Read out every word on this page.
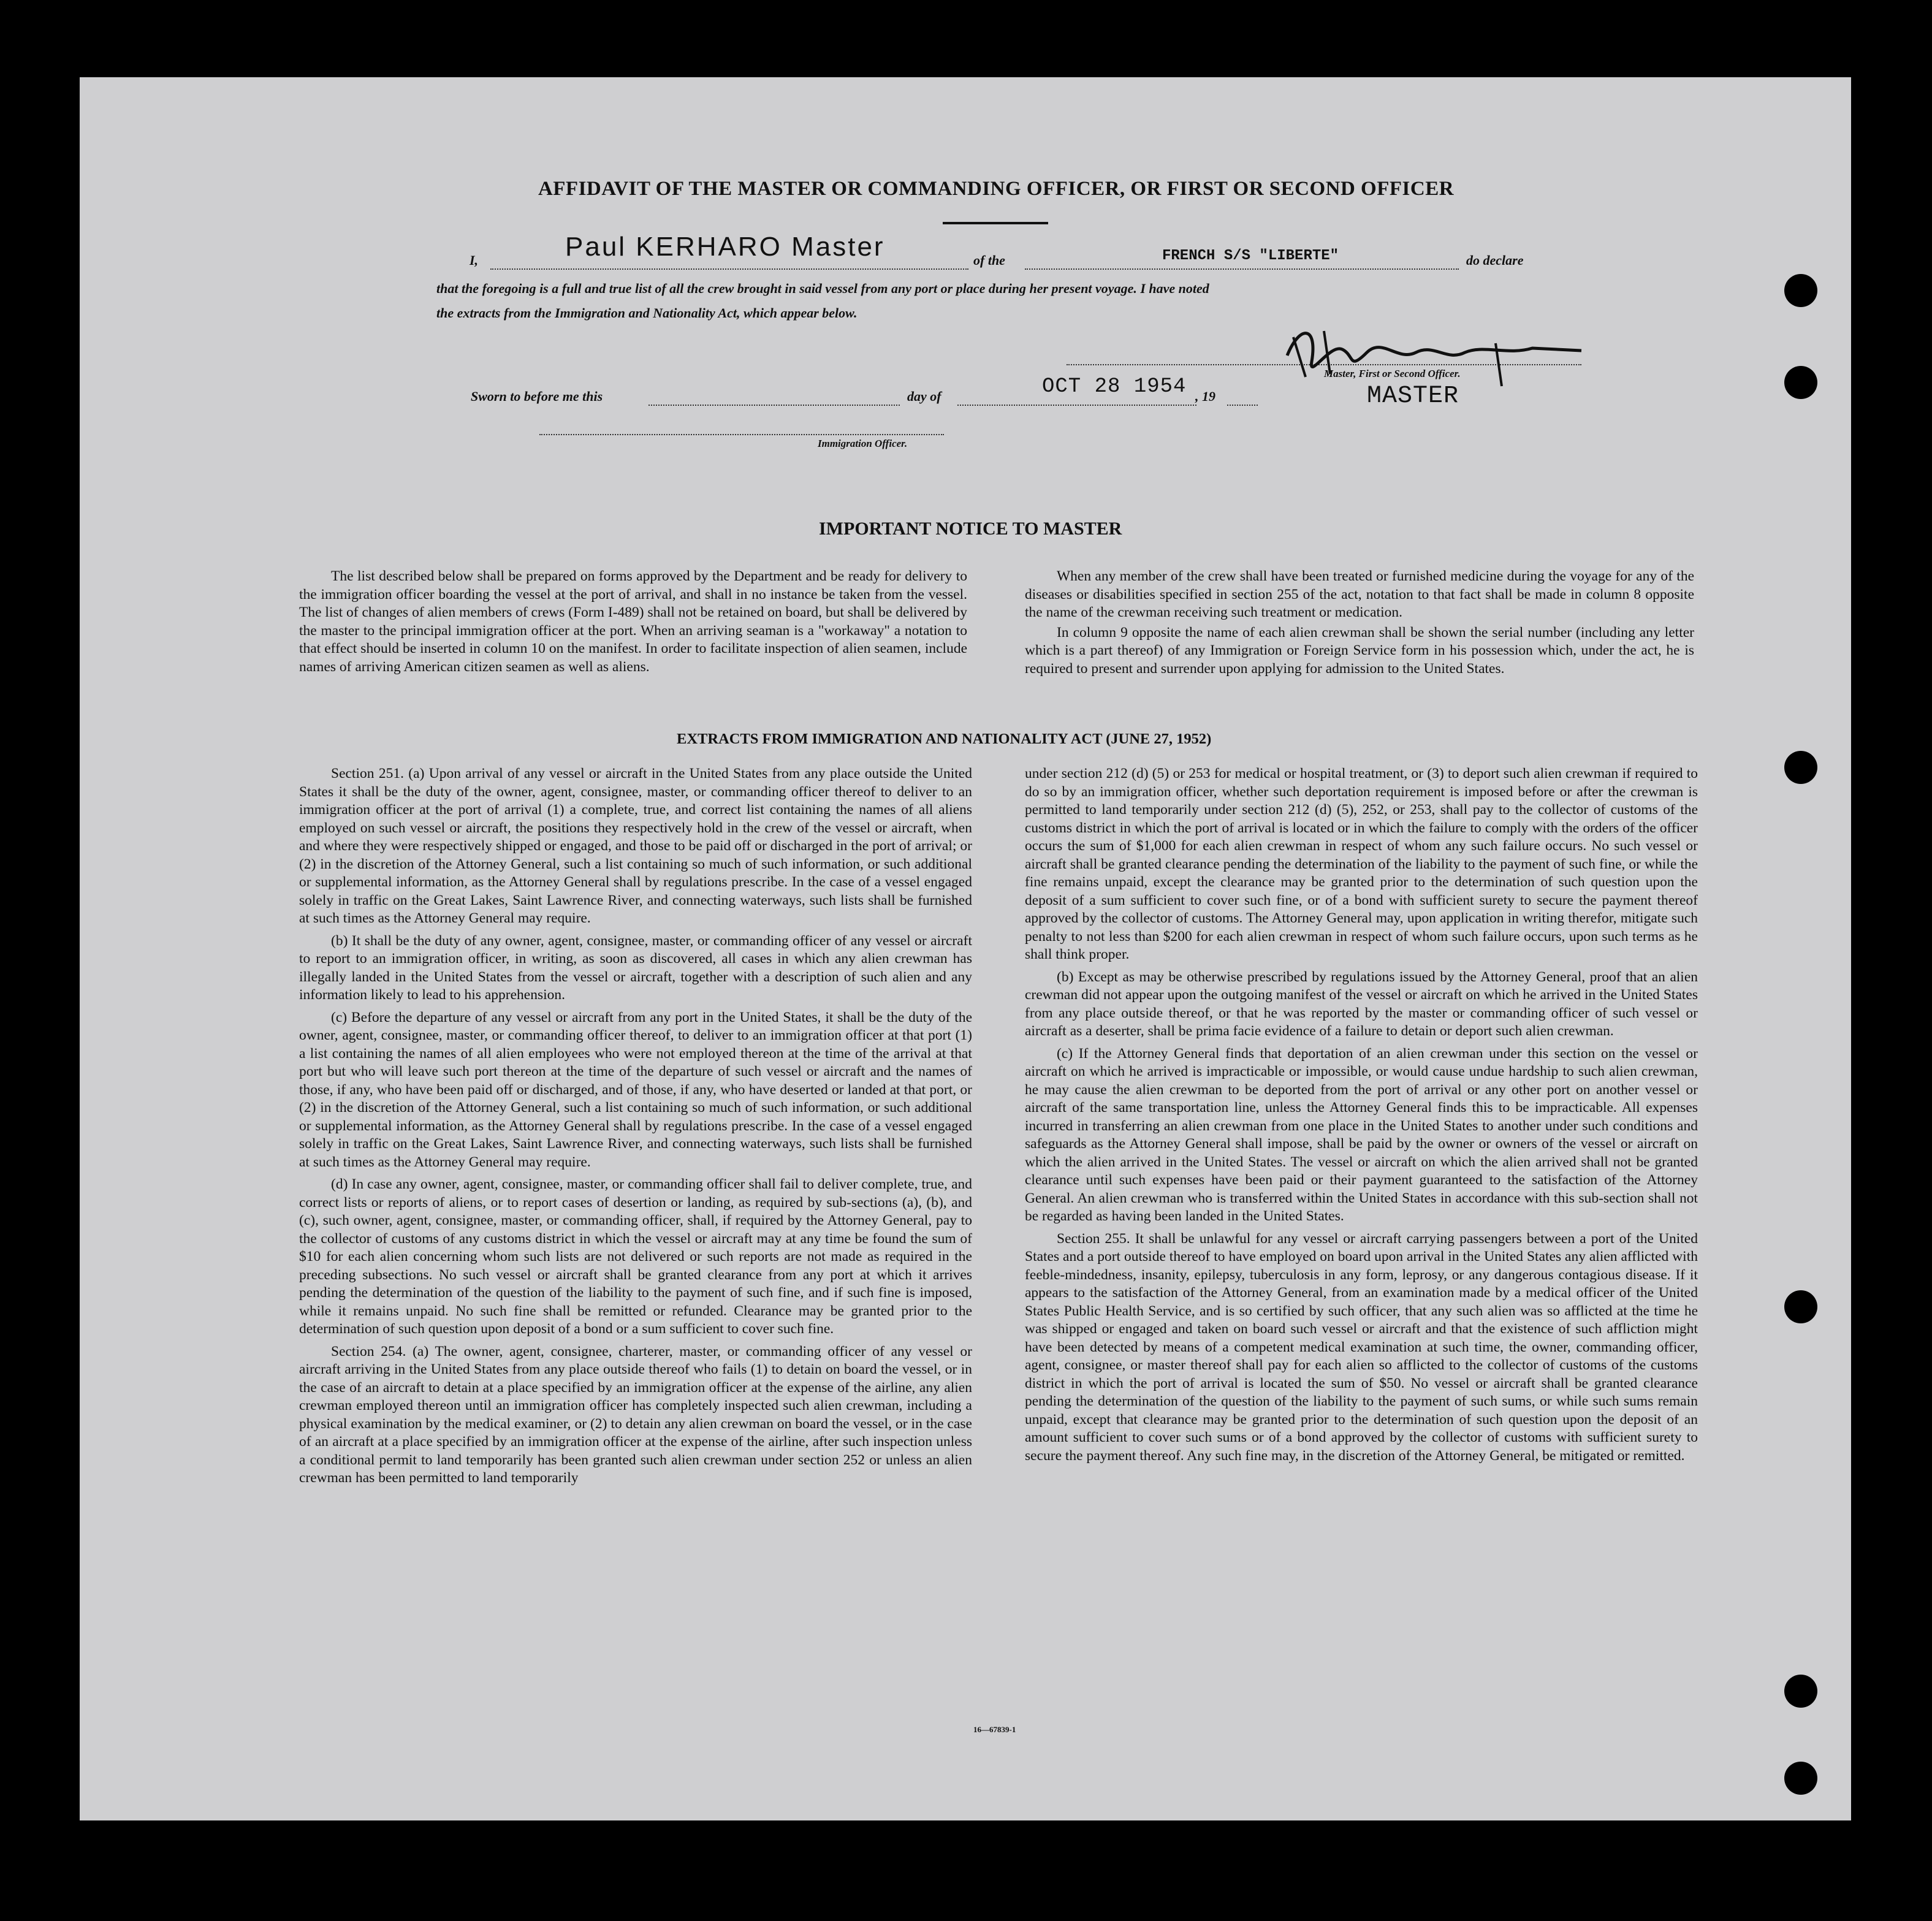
AFFIDAVIT OF THE MASTER OR COMMANDING OFFICER, OR FIRST OR SECOND OFFICER
I,	Paul KERHARO Master	of the	FRENCH S/S "LIBERTE"	do declare
that the foregoing is a full and true list of all the crew brought in said vessel from any port or place during her present voyage. I have noted
the extracts from the Immigration and Nationality Act, which appear below.
Master, First or Second Officer.
MASTER
Sworn to before me this	day of	OCT 28 1954 , 19
Immigration Officer.
IMPORTANT NOTICE TO MASTER

The list described below shall be prepared on forms approved by the Department and be ready for delivery to the immigration officer boarding the vessel at the port of arrival, and shall in no instance be taken from the vessel. The list of changes of alien members of crews (Form I-489) shall not be retained on board, but shall be delivered by the master to the principal immigration officer at the port. When an arriving seaman is a "workaway" a notation to that effect should be inserted in column 10 on the manifest. In order to facilitate inspection of alien seamen, include names of arriving American citizen seamen as well as aliens.

When any member of the crew shall have been treated or furnished medicine during the voyage for any of the diseases or disabilities specified in section 255 of the act, notation to that fact shall be made in column 8 opposite the name of the crewman receiving such treatment or medication.

In column 9 opposite the name of each alien crewman shall be shown the serial number (including any letter which is a part thereof) of any Immigration or Foreign Service form in his possession which, under the act, he is required to present and surrender upon applying for admission to the United States.

EXTRACTS FROM IMMIGRATION AND NATIONALITY ACT (JUNE 27, 1952)

Section 251. (a) Upon arrival of any vessel or aircraft in the United States from any place outside the United States it shall be the duty of the owner, agent, consignee, master, or commanding officer thereof to deliver to an immigration officer at the port of arrival (1) a complete, true, and correct list containing the names of all aliens employed on such vessel or aircraft, the positions they respectively hold in the crew of the vessel or aircraft, when and where they were respectively shipped or engaged, and those to be paid off or discharged in the port of arrival; or (2) in the discretion of the Attorney General, such a list containing so much of such information, or such additional or supplemental information, as the Attorney General shall by regulations prescribe. In the case of a vessel engaged solely in traffic on the Great Lakes, Saint Lawrence River, and connecting waterways, such lists shall be furnished at such times as the Attorney General may require.

(b) It shall be the duty of any owner, agent, consignee, master, or commanding officer of any vessel or aircraft to report to an immigration officer, in writing, as soon as discovered, all cases in which any alien crewman has illegally landed in the United States from the vessel or aircraft, together with a description of such alien and any information likely to lead to his apprehension.

(c) Before the departure of any vessel or aircraft from any port in the United States, it shall be the duty of the owner, agent, consignee, master, or commanding officer thereof, to deliver to an immigration officer at that port (1) a list containing the names of all alien employees who were not employed thereon at the time of the arrival at that port but who will leave such port thereon at the time of the departure of such vessel or aircraft and the names of those, if any, who have been paid off or discharged, and of those, if any, who have deserted or landed at that port, or (2) in the discretion of the Attorney General, such a list containing so much of such information, or such additional or supplemental information, as the Attorney General shall by regulations prescribe. In the case of a vessel engaged solely in traffic on the Great Lakes, Saint Lawrence River, and connecting waterways, such lists shall be furnished at such times as the Attorney General may require.

(d) In case any owner, agent, consignee, master, or commanding officer shall fail to deliver complete, true, and correct lists or reports of aliens, or to report cases of desertion or landing, as required by sub-sections (a), (b), and (c), such owner, agent, consignee, master, or commanding officer, shall, if required by the Attorney General, pay to the collector of customs of any customs district in which the vessel or aircraft may at any time be found the sum of $10 for each alien concerning whom such lists are not delivered or such reports are not made as required in the preceding subsections. No such vessel or aircraft shall be granted clearance from any port at which it arrives pending the determination of the question of the liability to the payment of such fine, and if such fine is imposed, while it remains unpaid. No such fine shall be remitted or refunded. Clearance may be granted prior to the determination of such question upon deposit of a bond or a sum sufficient to cover such fine.

Section 254. (a) The owner, agent, consignee, charterer, master, or commanding officer of any vessel or aircraft arriving in the United States from any place outside thereof who fails (1) to detain on board the vessel, or in the case of an aircraft to detain at a place specified by an immigration officer at the expense of the airline, any alien crewman employed thereon until an immigration officer has completely inspected such alien crewman, including a physical examination by the medical examiner, or (2) to detain any alien crewman on board the vessel, or in the case of an aircraft at a place specified by an immigration officer at the expense of the airline, after such inspection unless a conditional permit to land temporarily has been granted such alien crewman under section 252 or unless an alien crewman has been permitted to land temporarily

under section 212 (d) (5) or 253 for medical or hospital treatment, or (3) to deport such alien crewman if required to do so by an immigration officer, whether such deportation requirement is imposed before or after the crewman is permitted to land temporarily under section 212 (d) (5), 252, or 253, shall pay to the collector of customs of the customs district in which the port of arrival is located or in which the failure to comply with the orders of the officer occurs the sum of $1,000 for each alien crewman in respect of whom any such failure occurs. No such vessel or aircraft shall be granted clearance pending the determination of the liability to the payment of such fine, or while the fine remains unpaid, except the clearance may be granted prior to the determination of such question upon the deposit of a sum sufficient to cover such fine, or of a bond with sufficient surety to secure the payment thereof approved by the collector of customs. The Attorney General may, upon application in writing therefor, mitigate such penalty to not less than $200 for each alien crewman in respect of whom such failure occurs, upon such terms as he shall think proper.

(b) Except as may be otherwise prescribed by regulations issued by the Attorney General, proof that an alien crewman did not appear upon the outgoing manifest of the vessel or aircraft on which he arrived in the United States from any place outside thereof, or that he was reported by the master or commanding officer of such vessel or aircraft as a deserter, shall be prima facie evidence of a failure to detain or deport such alien crewman.

(c) If the Attorney General finds that deportation of an alien crewman under this section on the vessel or aircraft on which he arrived is impracticable or impossible, or would cause undue hardship to such alien crewman, he may cause the alien crewman to be deported from the port of arrival or any other port on another vessel or aircraft of the same transportation line, unless the Attorney General finds this to be impracticable. All expenses incurred in transferring an alien crewman from one place in the United States to another under such conditions and safeguards as the Attorney General shall impose, shall be paid by the owner or owners of the vessel or aircraft on which the alien arrived in the United States. The vessel or aircraft on which the alien arrived shall not be granted clearance until such expenses have been paid or their payment guaranteed to the satisfaction of the Attorney General. An alien crewman who is transferred within the United States in accordance with this sub-section shall not be regarded as having been landed in the United States.

Section 255. It shall be unlawful for any vessel or aircraft carrying passengers between a port of the United States and a port outside thereof to have employed on board upon arrival in the United States any alien afflicted with feeble-mindedness, insanity, epilepsy, tuberculosis in any form, leprosy, or any dangerous contagious disease. If it appears to the satisfaction of the Attorney General, from an examination made by a medical officer of the United States Public Health Service, and is so certified by such officer, that any such alien was so afflicted at the time he was shipped or engaged and taken on board such vessel or aircraft and that the existence of such affliction might have been detected by means of a competent medical examination at such time, the owner, commanding officer, agent, consignee, or master thereof shall pay for each alien so afflicted to the collector of customs of the customs district in which the port of arrival is located the sum of $50. No vessel or aircraft shall be granted clearance pending the determination of the question of the liability to the payment of such sums, or while such sums remain unpaid, except that clearance may be granted prior to the determination of such question upon the deposit of an amount sufficient to cover such sums or of a bond approved by the collector of customs with sufficient surety to secure the payment thereof. Any such fine may, in the discretion of the Attorney General, be mitigated or remitted.

16—67839-1
